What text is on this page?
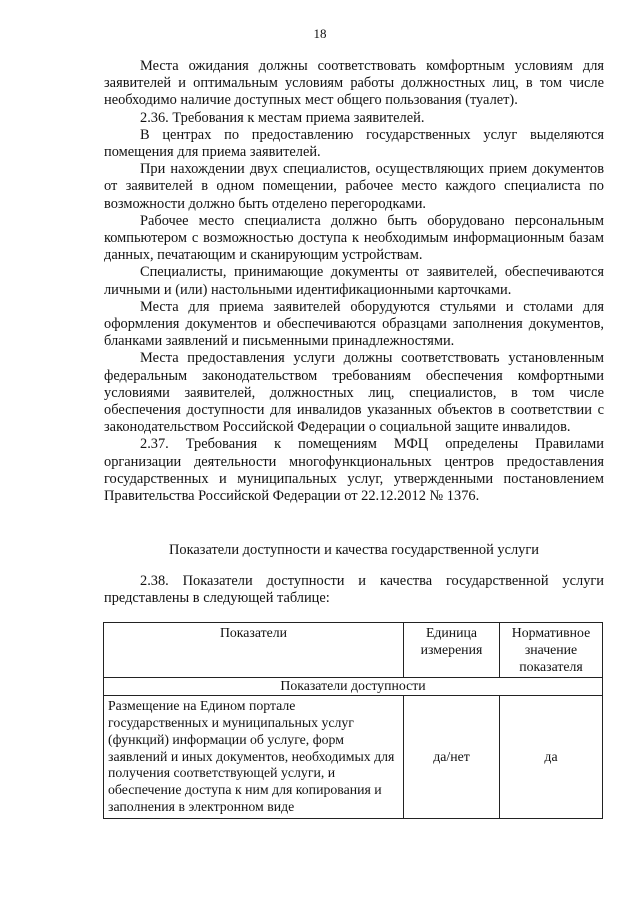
18

Места ожидания должны соответствовать комфортным условиям для заявителей и оптимальным условиям работы должностных лиц, в том числе необходимо наличие доступных мест общего пользования (туалет).

2.36. Требования к местам приема заявителей.

В центрах по предоставлению государственных услуг выделяются помещения для приема заявителей.

При нахождении двух специалистов, осуществляющих прием документов от заявителей в одном помещении, рабочее место каждого специалиста по возможности должно быть отделено перегородками.

Рабочее место специалиста должно быть оборудовано персональным компьютером с возможностью доступа к необходимым информационным базам данных, печатающим и сканирующим устройствам.

Специалисты, принимающие документы от заявителей, обеспечиваются личными и (или) настольными идентификационными карточками.

Места для приема заявителей оборудуются стульями и столами для оформления документов и обеспечиваются образцами заполнения документов, бланками заявлений и письменными принадлежностями.

Места предоставления услуги должны соответствовать установленным федеральным законодательством требованиям обеспечения комфортными условиями заявителей, должностных лиц, специалистов, в том числе обеспечения доступности для инвалидов указанных объектов в соответствии с законодательством Российской Федерации о социальной защите инвалидов.

2.37. Требования к помещениям МФЦ определены Правилами организации деятельности многофункциональных центров предоставления государственных и муниципальных услуг, утвержденными постановлением Правительства Российской Федерации от 22.12.2012 № 1376.

Показатели доступности и качества государственной услуги

2.38. Показатели доступности и качества государственной услуги представлены в следующей таблице:

Показатели	Единица измерения	Нормативное значение показателя
Показатели доступности		
Размещение на Едином портале государственных и муниципальных услуг (функций) информации об услуге, форм заявлений и иных документов, необходимых для получения соответствующей услуги, и обеспечение доступа к ним для копирования и заполнения в электронном виде	да/нет	да
